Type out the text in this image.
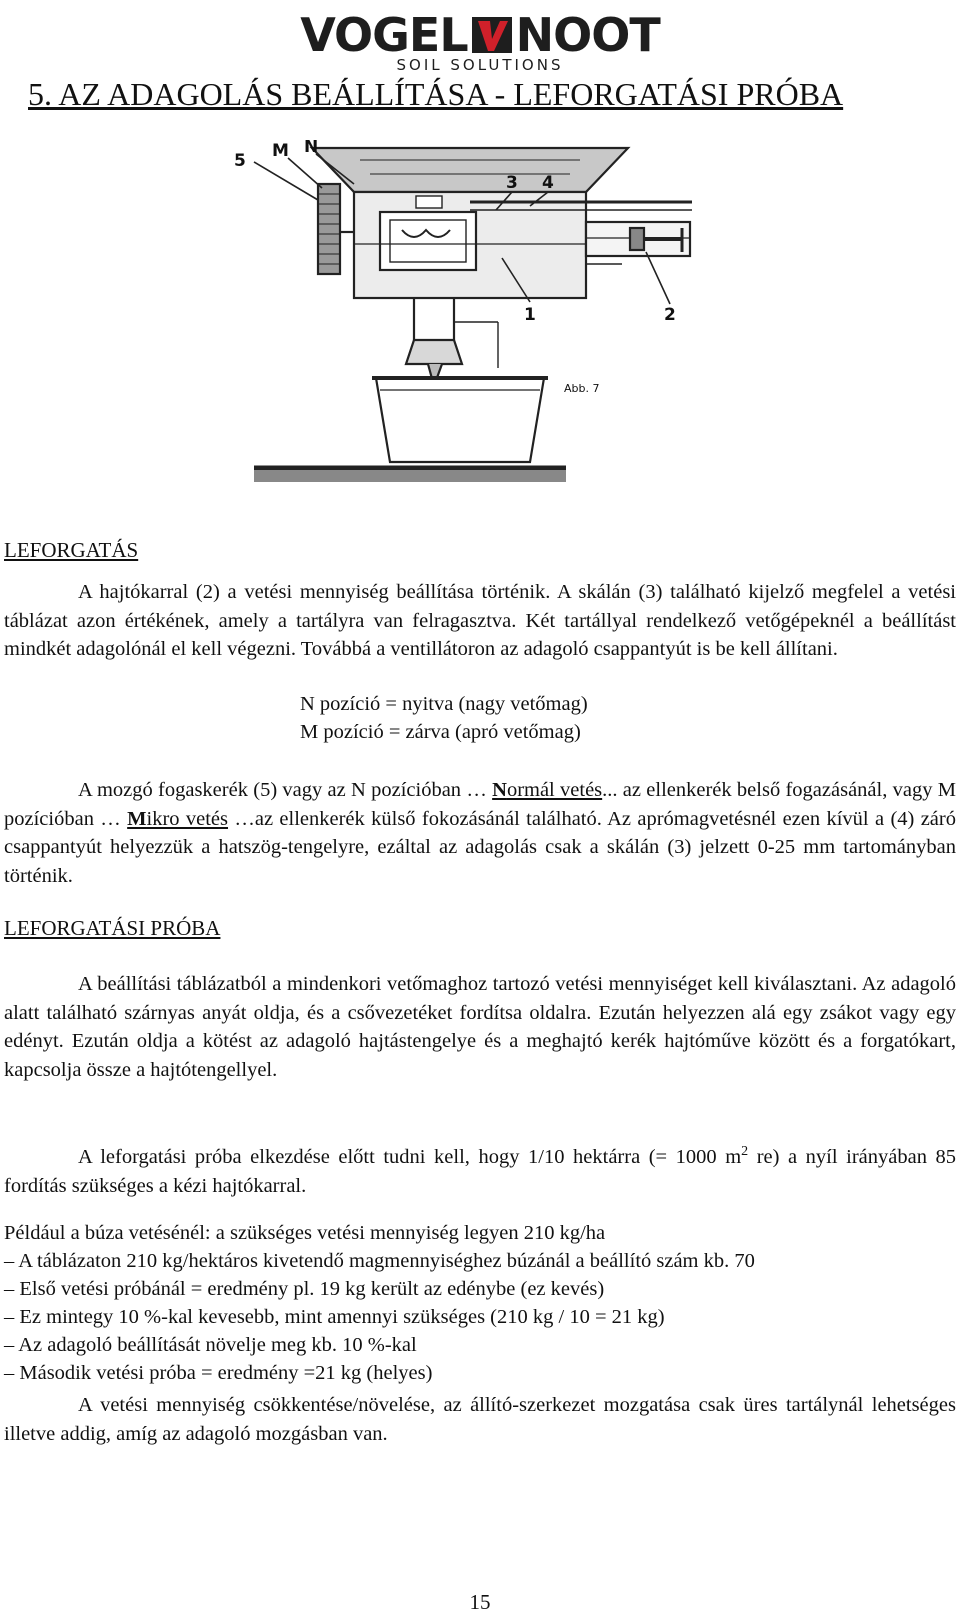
VOGEL NOOT
SOIL SOLUTIONS
5. AZ ADAGOLÁS BEÁLLÍTÁSA - LEFORGATÁSI PRÓBA
5 M N
3 4
1	2
Abb. 7
LEFORGATÁS
A hajtókarral (2) a vetési mennyiség beállítása történik. A skálán (3) található kijelző megfelel a vetési táblázat azon értékének, amely a tartályra van felragasztva. Két tartállyal rendelkező vetőgépeknél a beállítást mindkét adagolónál el kell végezni. Továbbá a ventillátoron az adagoló csappantyút is be kell állítani.
N pozíció = nyitva (nagy vetőmag)
M pozíció = zárva (apró vetőmag)
A mozgó fogaskerék (5) vagy az N pozícióban … Normál vetés... az ellenkerék belső fogazásánál, vagy M pozícióban … Mikro vetés …az ellenkerék külső fokozásánál található. Az aprómagvetésnél ezen kívül a (4) záró csappantyút helyezzük a hatszög-tengelyre, ezáltal az adagolás csak a skálán (3) jelzett 0-25 mm tartományban történik.
LEFORGATÁSI PRÓBA
A beállítási táblázatból a mindenkori vetőmaghoz tartozó vetési mennyiséget kell kiválasztani. Az adagoló alatt található szárnyas anyát oldja, és a csővezetéket fordítsa oldalra. Ezután helyezzen alá egy zsákot vagy egy edényt. Ezután oldja a kötést az adagoló hajtástengelye és a meghajtó kerék hajtóműve között és a forgatókart, kapcsolja össze a hajtótengellyel.
A leforgatási próba elkezdése előtt tudni kell, hogy 1/10 hektárra (= 1000 $m^2$ re) a nyíl irányában 85 fordítás szükséges a kézi hajtókarral.
Például a búza vetésénél: a szükséges vetési mennyiség legyen 210 kg/ha
– A táblázaton 210 kg/hektáros kivetendő magmennyiséghez búzánál a beállító szám kb. 70
– Első vetési próbánál = eredmény pl. 19 kg került az edénybe (ez kevés)
– Ez mintegy 10 %-kal kevesebb, mint amennyi szükséges (210 kg / 10 = 21 kg)
– Az adagoló beállítását növelje meg kb. 10 %-kal
– Második vetési próba = eredmény =21 kg (helyes)
A vetési mennyiség csökkentése/növelése, az állító-szerkezet mozgatása csak üres tartálynál lehetséges illetve addig, amíg az adagoló mozgásban van.
15
